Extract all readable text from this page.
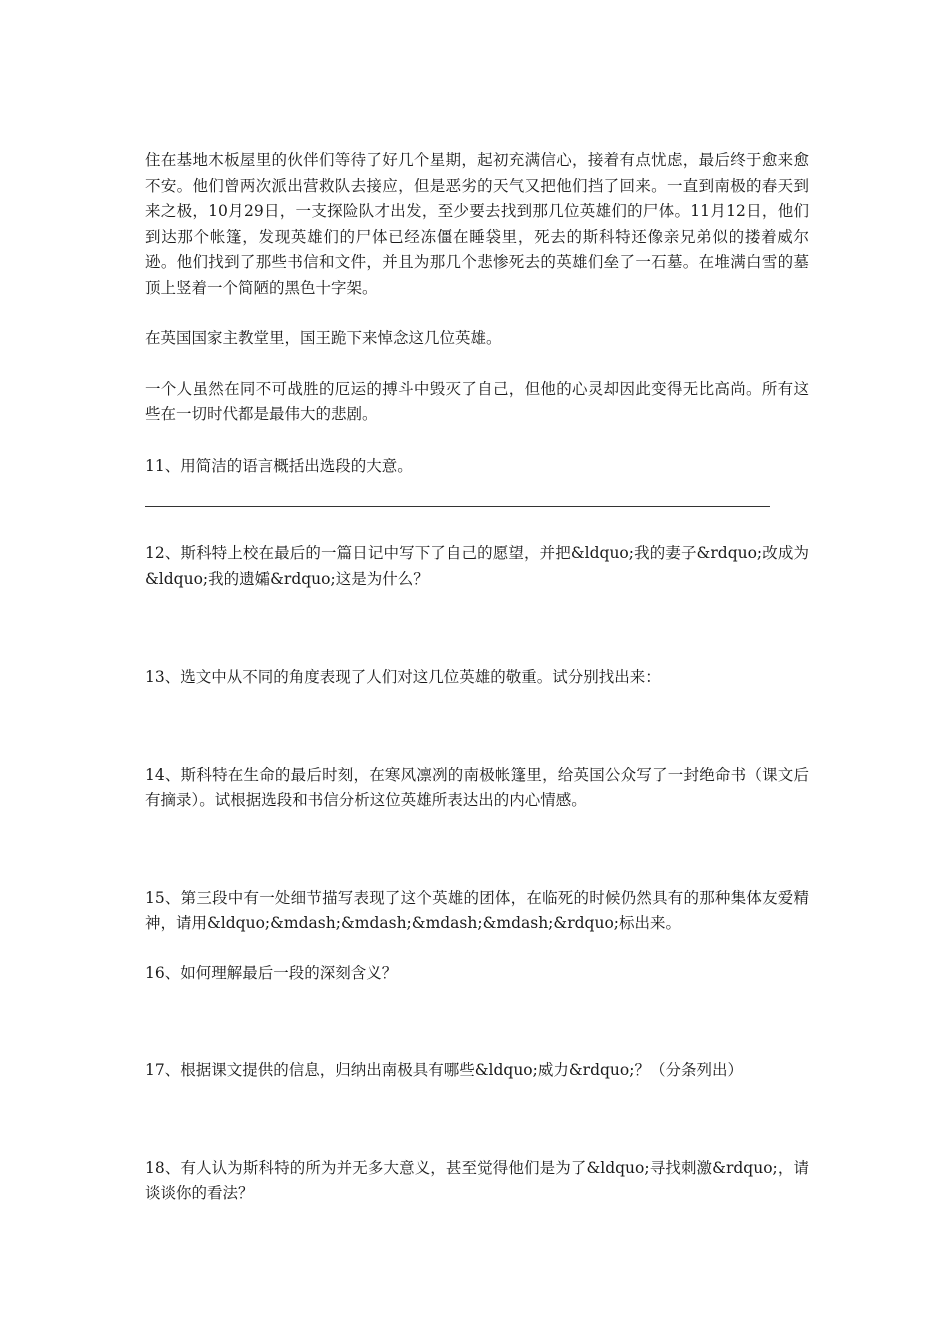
住在基地木板屋里的伙伴们等待了好几个星期，起初充满信心，接着有点忧虑，最后终于愈来愈不安。他们曾两次派出营救队去接应，但是恶劣的天气又把他们挡了回来。一直到南极的春天到来之极，10月29日，一支探险队才出发，至少要去找到那几位英雄们的尸体。11月12日，他们到达那个帐篷，发现英雄们的尸体已经冻僵在睡袋里，死去的斯科特还像亲兄弟似的搂着威尔逊。他们找到了那些书信和文件，并且为那几个悲惨死去的英雄们垒了一石墓。在堆满白雪的墓顶上竖着一个简陋的黑色十字架。

在英国国家主教堂里，国王跪下来悼念这几位英雄。

一个人虽然在同不可战胜的厄运的搏斗中毁灭了自己，但他的心灵却因此变得无比高尚。所有这些在一切时代都是最伟大的悲剧。

11、用简洁的语言概括出选段的大意。

12、斯科特上校在最后的一篇日记中写下了自己的愿望，并把&ldquo;我的妻子&rdquo;改成为&ldquo;我的遗孀&rdquo;这是为什么？

13、选文中从不同的角度表现了人们对这几位英雄的敬重。试分别找出来：

14、斯科特在生命的最后时刻，在寒风凛冽的南极帐篷里，给英国公众写了一封绝命书（课文后有摘录）。试根据选段和书信分析这位英雄所表达出的内心情感。

15、第三段中有一处细节描写表现了这个英雄的团体，在临死的时候仍然具有的那种集体友爱精神，请用&ldquo;&mdash;&mdash;&mdash;&mdash;&rdquo;标出来。

16、如何理解最后一段的深刻含义？

17、根据课文提供的信息，归纳出南极具有哪些&ldquo;威力&rdquo;？（分条列出）

18、有人认为斯科特的所为并无多大意义，甚至觉得他们是为了&ldquo;寻找刺激&rdquo;，请谈谈你的看法？
